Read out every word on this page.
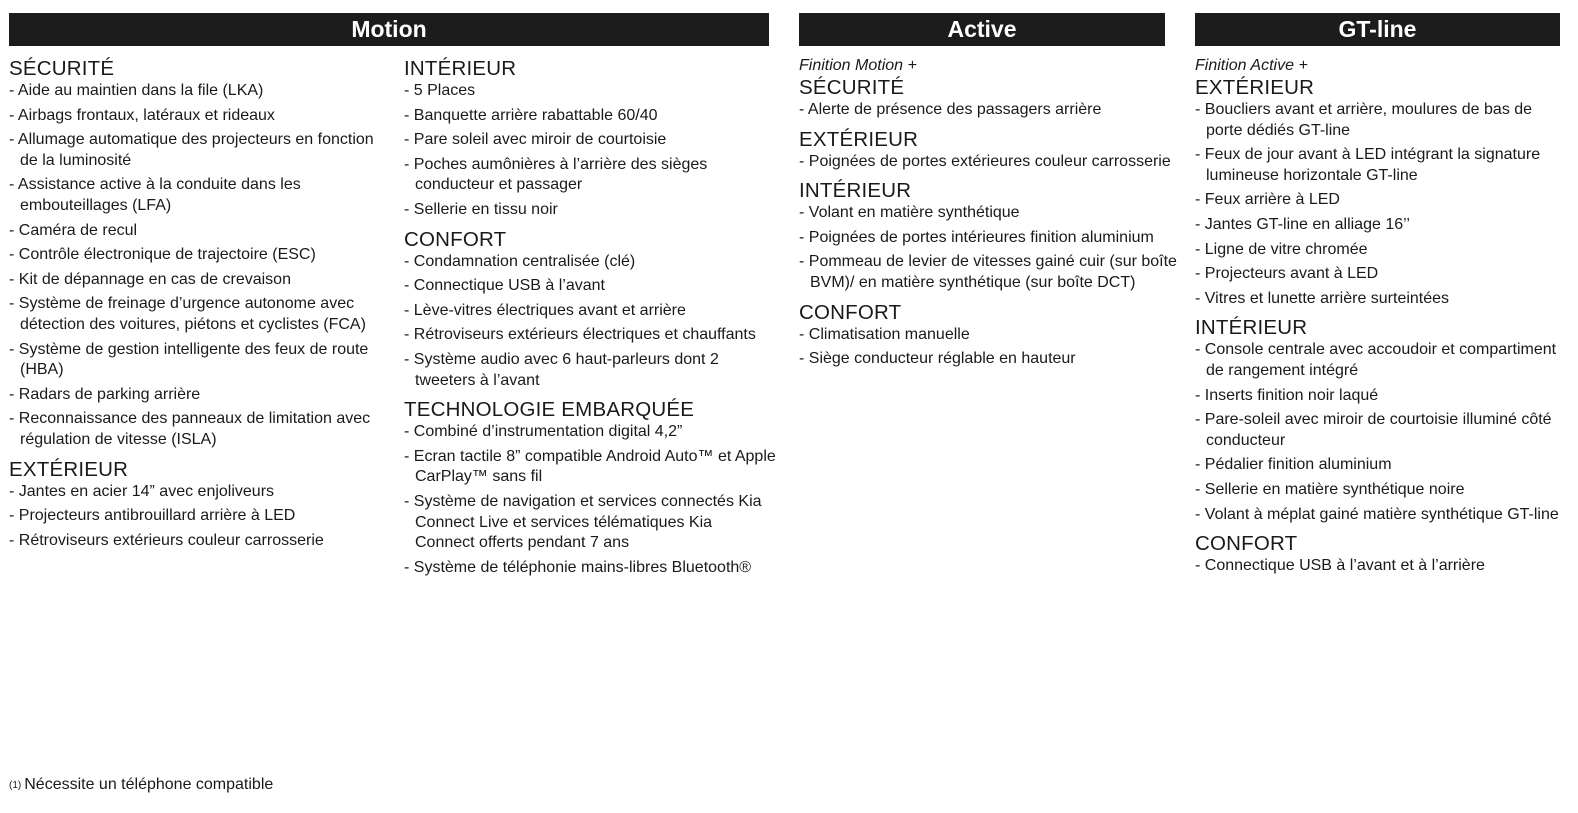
Motion	Active	GT-line
SÉCURITÉ
- Aide au maintien dans la file (LKA)
- Airbags frontaux, latéraux et rideaux
- Allumage automatique des projecteurs en fonction de la luminosité
- Assistance active à la conduite dans les embouteillages (LFA)
- Caméra de recul
- Contrôle électronique de trajectoire (ESC)
- Kit de dépannage en cas de crevaison
- Système de freinage d’urgence autonome avec détection des voitures, piétons et cyclistes (FCA)
- Système de gestion intelligente des feux de route (HBA)
- Radars de parking arrière
- Reconnaissance des panneaux de limitation avec régulation de vitesse (ISLA)
EXTÉRIEUR
- Jantes en acier 14” avec enjoliveurs
- Projecteurs antibrouillard arrière à LED
- Rétroviseurs extérieurs couleur carrosserie
INTÉRIEUR
- 5 Places
- Banquette arrière rabattable 60/40
- Pare soleil avec miroir de courtoisie
- Poches aumônières à l’arrière des sièges conducteur et passager
- Sellerie en tissu noir
CONFORT
- Condamnation centralisée (clé)
- Connectique USB à l’avant
- Lève-vitres électriques avant et arrière
- Rétroviseurs extérieurs électriques et chauffants
- Système audio avec 6 haut-parleurs dont 2 tweeters à l’avant
TECHNOLOGIE EMBARQUÉE
- Combiné d’instrumentation digital 4,2”
- Ecran tactile 8” compatible Android Auto™ et Apple CarPlay™ sans fil
- Système de navigation et services connectés Kia Connect Live et services télématiques Kia Connect offerts pendant 7 ans
- Système de téléphonie mains-libres Bluetooth®

Finition Motion +

SÉCURITÉ
- Alerte de présence des passagers arrière
EXTÉRIEUR
- Poignées de portes extérieures couleur carrosserie
INTÉRIEUR
- Volant en matière synthétique
- Poignées de portes intérieures finition aluminium
- Pommeau de levier de vitesses gainé cuir (sur boîte BVM)/ en matière synthétique (sur boîte DCT)
CONFORT
- Climatisation manuelle
- Siège conducteur réglable en hauteur

Finition Active +

EXTÉRIEUR
- Boucliers avant et arrière, moulures de bas de porte dédiés GT-line
- Feux de jour avant à LED intégrant la signature lumineuse horizontale GT-line
- Feux arrière à LED
- Jantes GT-line en alliage 16’’
- Ligne de vitre chromée
- Projecteurs avant à LED
- Vitres et lunette arrière surteintées
INTÉRIEUR
- Console centrale avec accoudoir et compartiment de rangement intégré
- Inserts finition noir laqué
- Pare-soleil avec miroir de courtoisie illuminé côté conducteur
- Pédalier finition aluminium
- Sellerie en matière synthétique noire
- Volant à méplat gainé matière synthétique GT-line
CONFORT
- Connectique USB à l’avant et à l’arrière
$^{(1)}$ Nécessite un téléphone compatible
